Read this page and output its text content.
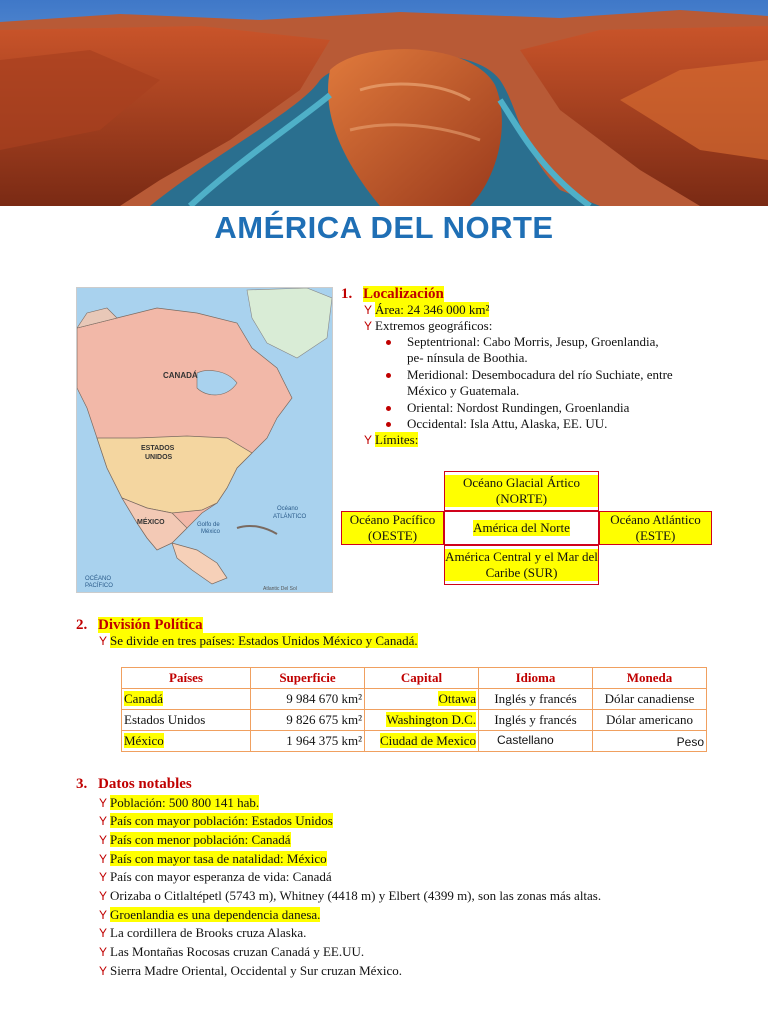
AMÉRICA DEL NORTE
CANADÁ
ESTADOS
UNIDOS
MÉXICO
Océano
ATLÁNTICO
OCÉANO
PACÍFICO
Golfo de
México
Atlantic Del Sol
1. Localización
Y Área: 24 346 000 km²
Y Extremos geográficos:
Septentrional: Cabo Morris, Jesup, Groenlandia,
pe- nínsula de Boothia.
Meridional: Desembocadura del río Suchiate, entre
México y Guatemala.
Oriental: Nordost Rundingen, Groenlandia
Occidental: Isla Attu, Alaska, EE. UU.
Y Límites:
Océano Glacial Ártico (NORTE)
Océano Pacífico (OESTE)
América del Norte
Océano Atlántico (ESTE)
América Central y el Mar del Caribe (SUR)
2. División Política
Y Se divide en tres países: Estados Unidos México y Canadá.
Países	Superficie	Capital	Idioma	Moneda
Canadá	9 984 670 km²	Ottawa	Inglés y francés	Dólar canadiense
Estados Unidos	9 826 675 km²	Washington D.C.	Inglés y francés	Dólar americano
México	1 964 375 km²	Ciudad de Mexico	Castellano	Peso
3. Datos notables
Y Población: 500 800 141 hab.
Y País con mayor población: Estados Unidos
Y País con menor población: Canadá
Y País con mayor tasa de natalidad: México
Y País con mayor esperanza de vida: Canadá
Y Orizaba o Citlaltépetl (5743 m), Whitney (4418 m) y Elbert (4399 m), son las zonas más altas.
Y Groenlandia es una dependencia danesa.
Y La cordillera de Brooks cruza Alaska.
Y Las Montañas Rocosas cruzan Canadá y EE.UU.
Y Sierra Madre Oriental, Occidental y Sur cruzan México.
